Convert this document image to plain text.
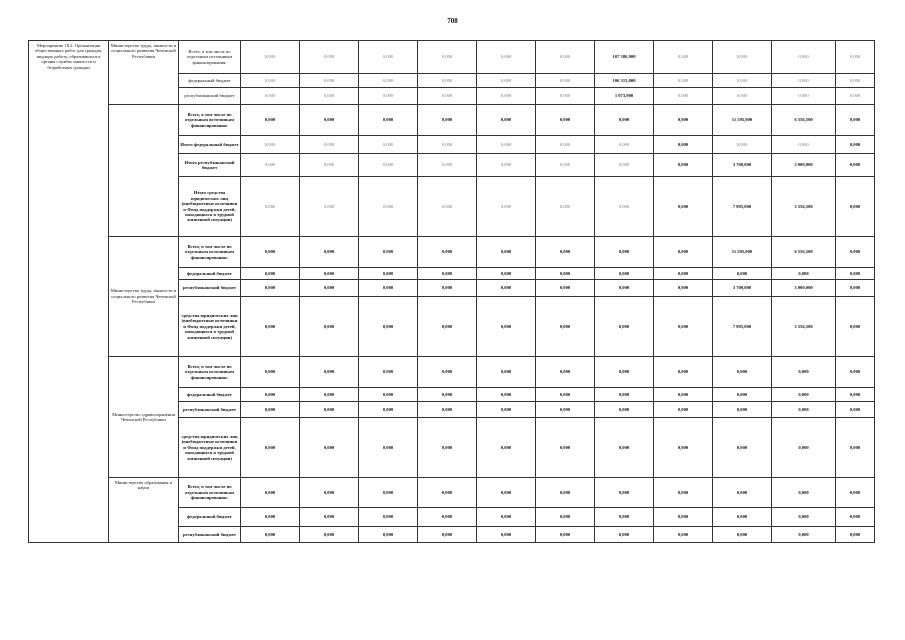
708
Мероприятие 18.2. Организация общественных работ для граждан, ищущих работу, обратившихся в органы службы занятости и безработных граждан	Министерство труда, занятости и социального развития Чеченской Республики	Всего, в том числе по отдельным источникам финансирования:	0,000	0,000	0,000	0,000	0,000	0,000	107 386,900	0,000	0,000	0,000	0,000
		федеральный бюджет	0,000	0,000	0,000	0,000	0,000	0,000	106 313,000	0,000	0,000	0,000	0,000
		республиканский бюджет	0,000	0,000	0,000	0,000	0,000	0,000	1 073,900	0,000	0,000	0,000	0,000
		Всего, в том числе по отдельным источникам финансирования:	0,000	0,000	0,000	0,000	0,000	0,000	0,000	0,000	11 595,000	6 556,500	0,000
		Итого федеральный бюджет	0,000	0,000	0,000	0,000	0,000	0,000	0,000	0,000	0,000	0,000	0,000
		Итого республиканский бюджет	0,000	0,000	0,000	0,000	0,000	0,000	0,000	0,000	3 700,000	3 000,000	0,000
		Итого средства юридических лиц (внебюджетные источники и Фонд поддержки детей, находящихся в трудной жизненной ситуации)	0,000	0,000	0,000	0,000	0,000	0,000	0,000	0,000	7 895,000	3 556,500	0,000
	Министерство труда, занятости и социального развития Чеченской Республики	Всего, в том числе по отдельным источникам финансирования:	0,000	0,000	0,000	0,000	0,000	0,000	0,000	0,000	11 595,000	6 556,500	0,000
		федеральный бюджет	0,000	0,000	0,000	0,000	0,000	0,000	0,000	0,000	0,000	0,000	0,000
		республиканский бюджет	0,000	0,000	0,000	0,000	0,000	0,000	0,000	0,000	3 700,000	3 000,000	0,000
		средства юридических лиц (внебюджетные источники и Фонд поддержки детей, находящихся в трудной жизненной ситуации)	0,000	0,000	0,000	0,000	0,000	0,000	0,000	0,000	7 895,000	3 556,500	0,000
	Министерство здравоохранения Чеченской Республики	Всего, в том числе по отдельным источникам финансирования:	0,000	0,000	0,000	0,000	0,000	0,000	0,000	0,000	0,000	0,000	0,000
		федеральный бюджет	0,000	0,000	0,000	0,000	0,000	0,000	0,000	0,000	0,000	0,000	0,000
		республиканский бюджет	0,000	0,000	0,000	0,000	0,000	0,000	0,000	0,000	0,000	0,000	0,000
		средства юридических лиц (внебюджетные источники и Фонд поддержки детей, находящихся в трудной жизненной ситуации)	0,000	0,000	0,000	0,000	0,000	0,000	0,000	0,000	0,000	0,000	0,000
	Министерство образования и науки	Всего, в том числе по отдельным источникам финансирования:	0,000	0,000	0,000	0,000	0,000	0,000	0,000	0,000	0,000	0,000	0,000
		федеральный бюджет	0,000	0,000	0,000	0,000	0,000	0,000	0,000	0,000	0,000	0,000	0,000
		республиканский бюджет	0,000	0,000	0,000	0,000	0,000	0,000	0,000	0,000	0,000	0,000	0,000
